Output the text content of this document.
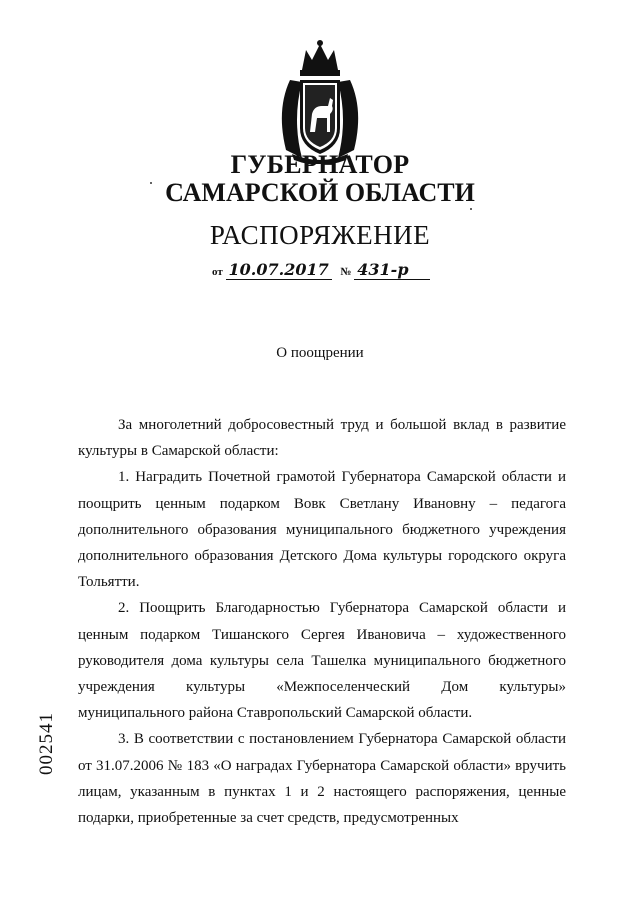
ГУБЕРНАТОР
САМАРСКОЙ ОБЛАСТИ
РАСПОРЯЖЕНИЕ
от 10.07.2017 № 431-р
О поощрении

За многолетний добросовестный труд и большой вклад в развитие культуры в Самарской области:

1. Наградить Почетной грамотой Губернатора Самарской области и поощрить ценным подарком Вовк Светлану Ивановну – педагога дополнительного образования муниципального бюджетного учреждения дополнительного образования Детского Дома культуры городского округа Тольятти.

2. Поощрить Благодарностью Губернатора Самарской области и ценным подарком Тишанского Сергея Ивановича – художественного руководителя дома культуры села Ташелка муниципального бюджетного учреждения культуры «Межпоселенческий Дом культуры» муниципального района Ставропольский Самарской области.

3. В соответствии с постановлением Губернатора Самарской области от 31.07.2006 № 183 «О наградах Губернатора Самарской области» вручить лицам, указанным в пунктах 1 и 2 настоящего распоряжения, ценные подарки, приобретенные за счет средств, предусмотренных

002541
